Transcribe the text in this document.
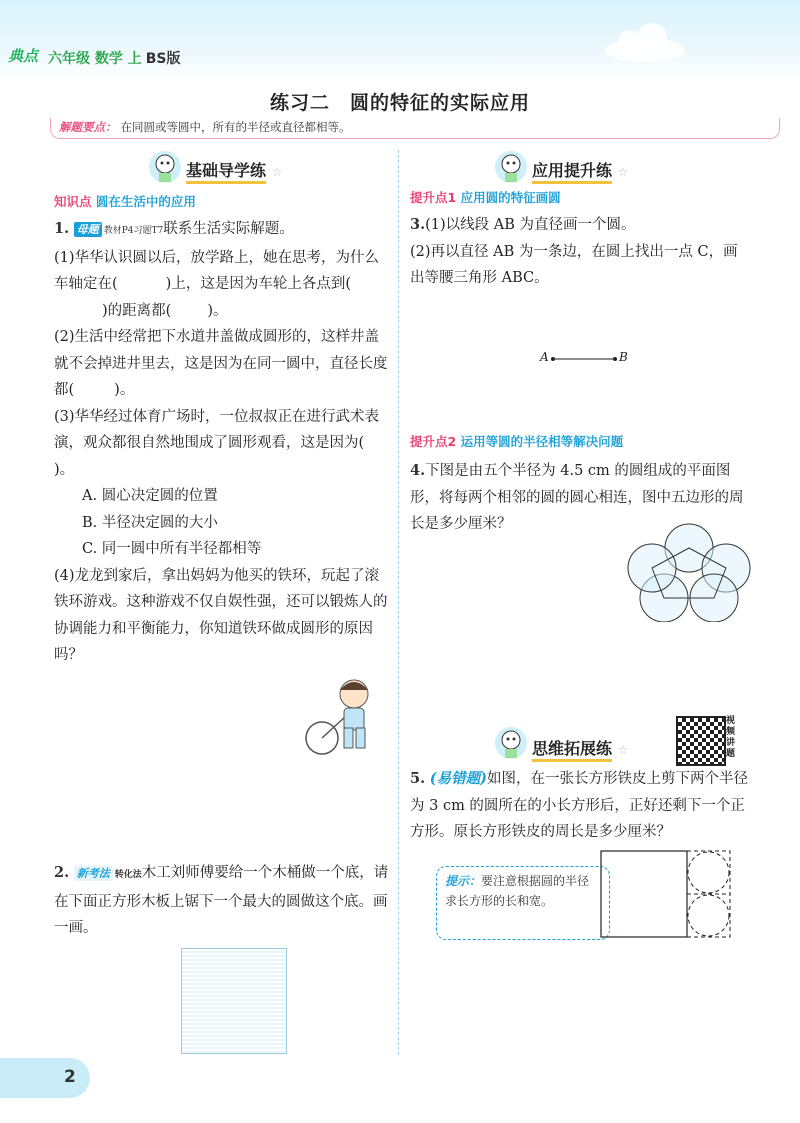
典点 六年级 数学 上 BS版
练习二　圆的特征的实际应用
解题要点： 在同圆或等圆中，所有的半径或直径都相等。
基础导学练 ☆
知识点 圆在生活中的应用
1. 母题 教材P4习题T7联系生活实际解题。
(1)华华认识圆以后，放学路上，她在思考，为什么车轴定在(	)上，这是因为车轮上各点到()的距离都( )。
(2)生活中经常把下水道井盖做成圆形的，这样井盖就不会掉进井里去，这是因为在同一圆中，直径长度都(	)。
(3)华华经过体育广场时，一位叔叔正在进行武术表演，观众都很自然地围成了圆形观看，这是因为()。
A. 圆心决定圆的位置
B. 半径决定圆的大小
C. 同一圆中所有半径都相等
(4)龙龙到家后，拿出妈妈为他买的铁环，玩起了滚铁环游戏。这种游戏不仅自娱性强，还可以锻炼人的协调能力和平衡能力，你知道铁环做成圆形的原因吗？
2. 新考法 转化法木工刘师傅要给一个木桶做一个底，请在下面正方形木板上锯下一个最大的圆做这个底。画一画。
应用提升练 ☆
提升点1 应用圆的特征画圆
3.(1)以线段 AB 为直径画一个圆。
(2)再以直径 AB 为一条边，在圆上找出一点 C，画出等腰三角形 ABC。
A	B
提升点2 运用等圆的半径相等解决问题
4.下图是由五个半径为 4.5 cm 的圆组成的平面图形，将每两个相邻的圆的圆心相连，图中五边形的周长是多少厘米？
视频讲题
思维拓展练 ☆
5. (易错题)如图，在一张长方形铁皮上剪下两个半径为 3 cm 的圆所在的小长方形后，正好还剩下一个正方形。原长方形铁皮的周长是多少厘米？
提示：要注意根据圆的半径求长方形的长和宽。
2
